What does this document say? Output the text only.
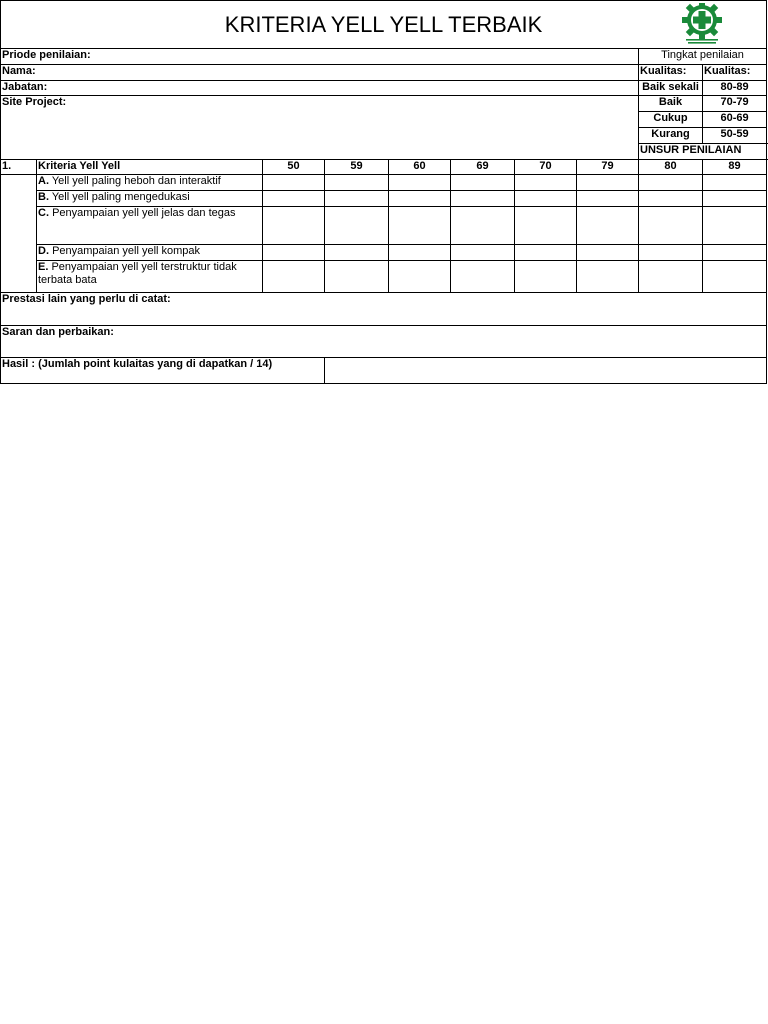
KRITERIA YELL YELL TERBAIK										
Priode penilaian:								Tingkat penilaian		
Nama:								Kualitas:	Kualitas:	
Jabatan:								Baik sekali	80-89	
Site Project:								Baik	70-79	
								Cukup	60-69	
								Kurang	50-59	
								UNSUR PENILAIAN	
1.	Kriteria Yell Yell	50	59	60	69	70	79	80	89	
	A. Yell yell paling heboh dan interaktif									
	B. Yell yell paling mengedukasi									
	C. Penyampaian yell yell jelas dan tegas									
	D. Penyampaian yell yell kompak									
	E. Penyampaian yell yell terstruktur tidak terbata bata									
Prestasi lain yang perlu di catat:										
Saran dan perbaikan:										
Hasil : (Jumlah point kulaitas yang di dapatkan / 14)										
